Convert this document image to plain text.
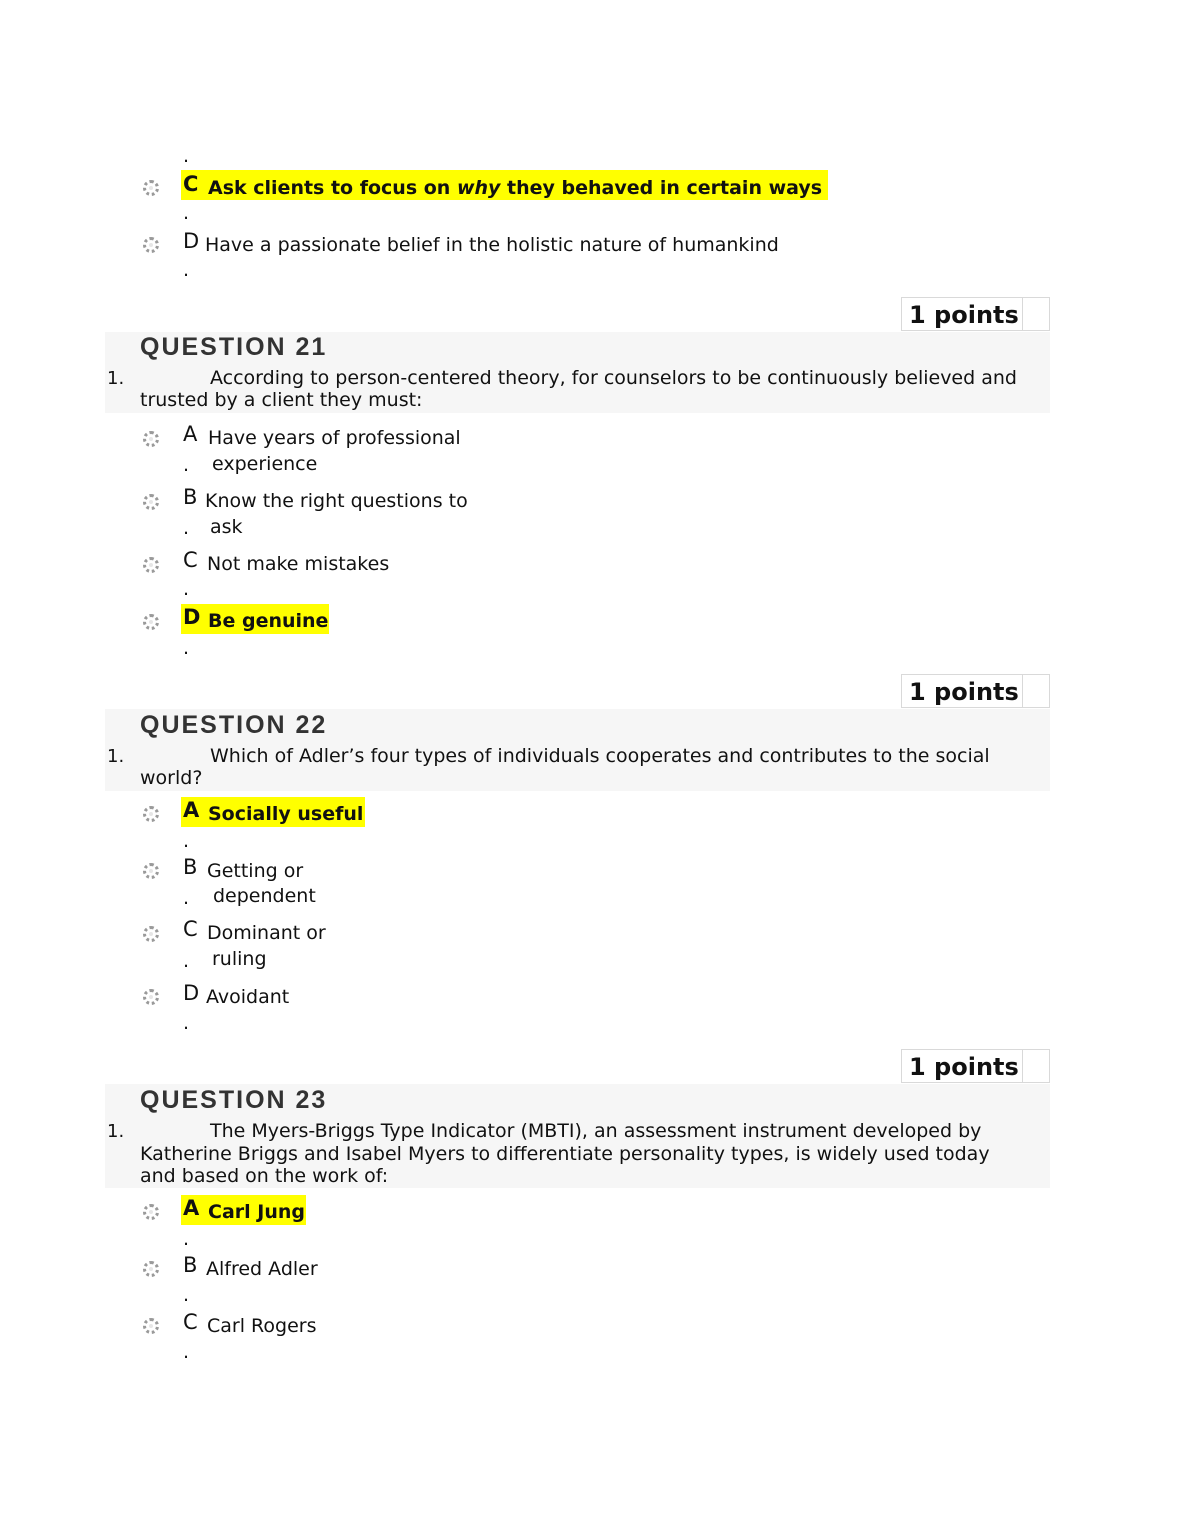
.
C Ask clients to focus on why they behaved in certain ways
.
D Have a passionate belief in the holistic nature of humankind
.
1 points
QUESTION 21
1.	According to person-centered theory, for counselors to be continuously believed and
trusted by a client they must:
A Have years of professional
. experience
B Know the right questions to
. ask
C Not make mistakes
.
D Be genuine
.
1 points
QUESTION 22
1.	Which of Adler’s four types of individuals cooperates and contributes to the social
world?
A Socially useful
.
B Getting or
. dependent
C Dominant or
. ruling
D Avoidant
.
1 points
QUESTION 23
1.	The Myers-Briggs Type Indicator (MBTI), an assessment instrument developed by
Katherine Briggs and Isabel Myers to differentiate personality types, is widely used today
and based on the work of:
A Carl Jung
.
B Alfred Adler
.
C Carl Rogers
.
